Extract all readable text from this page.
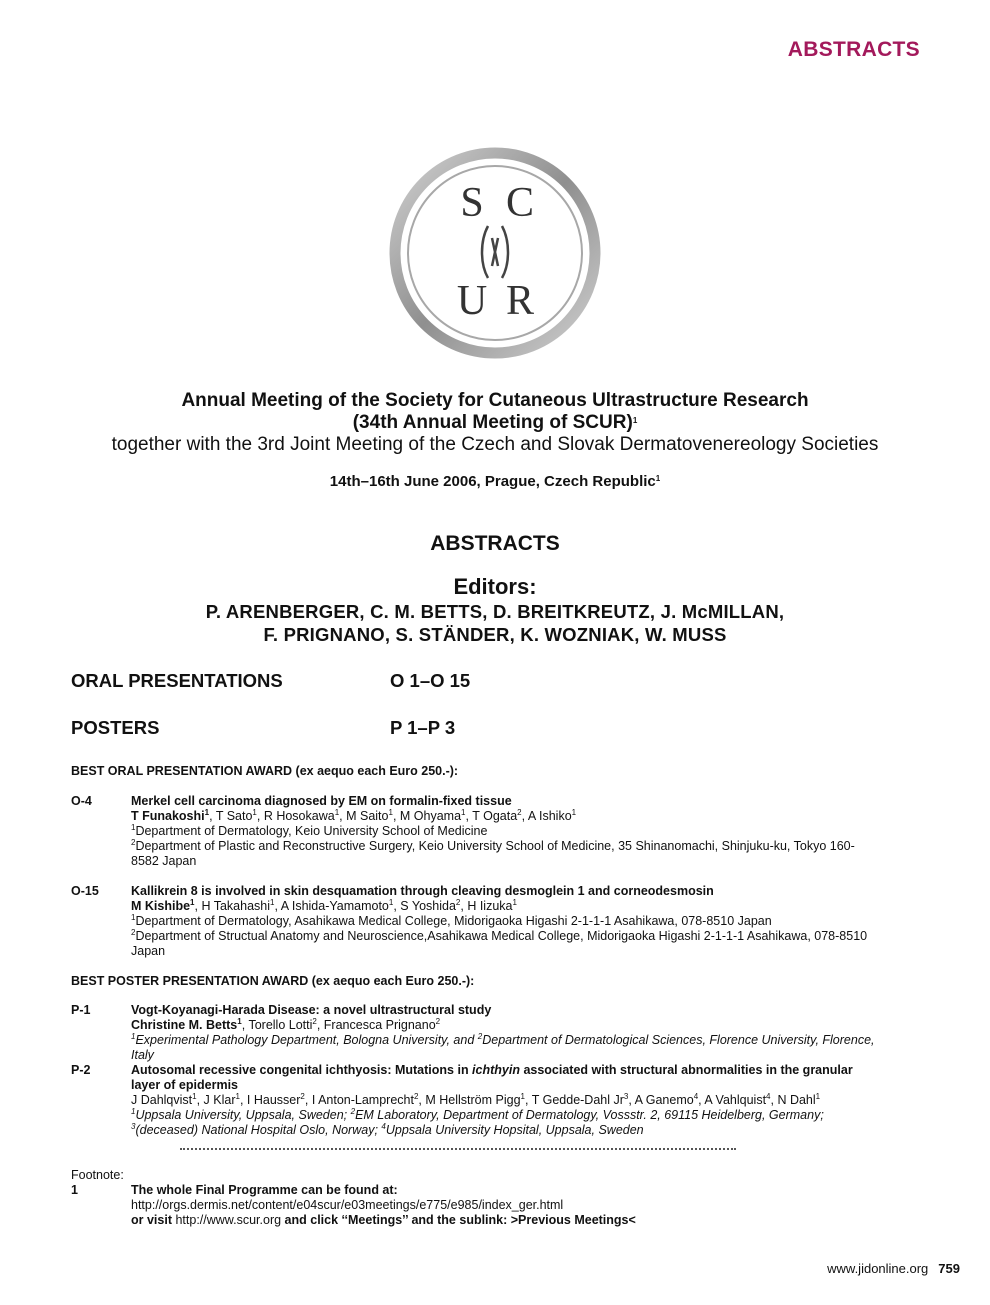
ABSTRACTS
S C
U R
Annual Meeting of the Society for Cutaneous Ultrastructure Research
(34th Annual Meeting of SCUR)$^1$
together with the 3rd Joint Meeting of the Czech and Slovak Dermatovenereology Societies
14th–16th June 2006, Prague, Czech Republic$^1$
ABSTRACTS
Editors:
P. ARENBERGER, C. M. BETTS, D. BREITKREUTZ, J. McMILLAN,
F. PRIGNANO, S. STÄNDER, K. WOZNIAK, W. MUSS
ORAL PRESENTATIONS	O 1–O 15
POSTERS	P 1–P 3
BEST ORAL PRESENTATION AWARD (ex aequo each Euro 250.-):
O-4	Merkel cell carcinoma diagnosed by EM on formalin-fixed tissue
T Funakoshi$^1$, T Sato$^1$, R Hosokawa$^1$, M Saito$^1$, M Ohyama$^1$, T Ogata$^2$, A Ishiko$^1$
$^1$Department of Dermatology, Keio University School of Medicine
$^2$Department of Plastic and Reconstructive Surgery, Keio University School of Medicine, 35 Shinanomachi, Shinjuku-ku, Tokyo 160-8582 Japan
O-15	Kallikrein 8 is involved in skin desquamation through cleaving desmoglein 1 and corneodesmosin
M Kishibe$^1$, H Takahashi$^1$, A Ishida-Yamamoto$^1$, S Yoshida$^2$, H Iizuka$^1$
$^1$Department of Dermatology, Asahikawa Medical College, Midorigaoka Higashi 2-1-1-1 Asahikawa, 078-8510 Japan
$^2$Department of Structual Anatomy and Neuroscience,Asahikawa Medical College, Midorigaoka Higashi 2-1-1-1 Asahikawa, 078-8510 Japan
BEST POSTER PRESENTATION AWARD (ex aequo each Euro 250.-):
P-1	Vogt-Koyanagi-Harada Disease: a novel ultrastructural study
Christine M. Betts$^1$, Torello Lotti$^2$, Francesca Prignano$^2$
$^1$Experimental Pathology Department, Bologna University, and $^2$Department of Dermatological Sciences, Florence University, Florence, Italy
P-2	Autosomal recessive congenital ichthyosis: Mutations in ichthyin associated with structural abnormalities in the granular layer of epidermis
J Dahlqvist$^1$, J Klar$^1$, I Hausser$^2$, I Anton-Lamprecht$^2$, M Hellström Pigg$^1$, T Gedde-Dahl Jr$^3$, A Ganemo$^4$, A Vahlquist$^4$, N Dahl$^1$
$^1$Uppsala University, Uppsala, Sweden; $^2$EM Laboratory, Department of Dermatology, Vossstr. 2, 69115 Heidelberg, Germany; $^3$(deceased) National Hospital Oslo, Norway; $^4$Uppsala University Hopsital, Uppsala, Sweden
Footnote:
1	The whole Final Programme can be found at:
http://orgs.dermis.net/content/e04scur/e03meetings/e775/e985/index_ger.html
or visit http://www.scur.org and click ‘‘Meetings’’ and the sublink: >Previous Meetings<
www.jidonline.org 759
